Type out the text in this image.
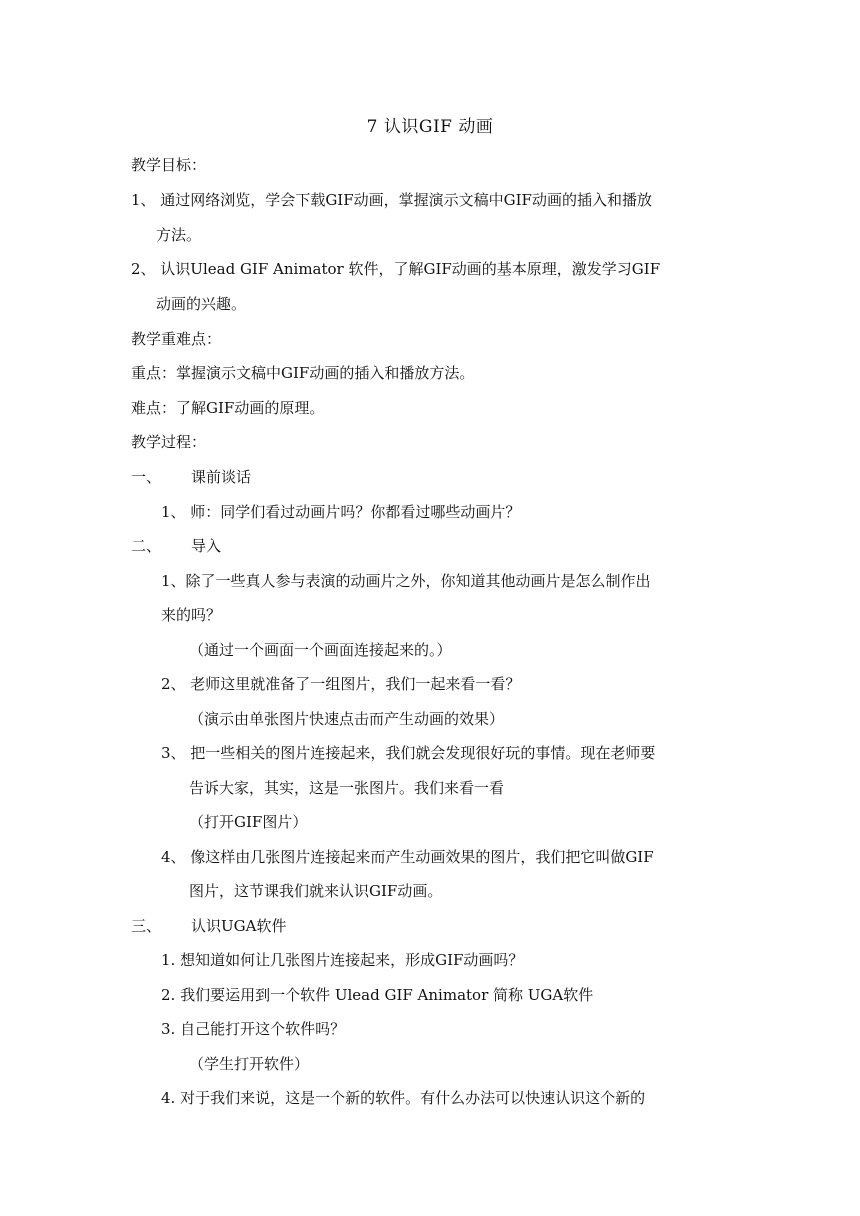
7 认识GIF 动画
教学目标：
1、 通过网络浏览，学会下载GIF动画，掌握演示文稿中GIF动画的插入和播放
方法。
2、 认识Ulead GIF Animator 软件，了解GIF动画的基本原理，激发学习GIF
动画的兴趣。
教学重难点：
重点：掌握演示文稿中GIF动画的插入和播放方法。
难点：了解GIF动画的原理。
教学过程：
一、 课前谈话
1、 师：同学们看过动画片吗？你都看过哪些动画片？
二、 导入
1、除了一些真人参与表演的动画片之外，你知道其他动画片是怎么制作出
来的吗？
（通过一个画面一个画面连接起来的。）
2、 老师这里就准备了一组图片，我们一起来看一看？
（演示由单张图片快速点击而产生动画的效果）
3、 把一些相关的图片连接起来，我们就会发现很好玩的事情。现在老师要
告诉大家，其实，这是一张图片。我们来看一看
（打开GIF图片）
4、 像这样由几张图片连接起来而产生动画效果的图片，我们把它叫做GIF
图片，这节课我们就来认识GIF动画。
三、 认识UGA软件
1. 想知道如何让几张图片连接起来，形成GIF动画吗？
2. 我们要运用到一个软件 Ulead GIF Animator 简称 UGA软件
3. 自己能打开这个软件吗？
（学生打开软件）
4. 对于我们来说，这是一个新的软件。有什么办法可以快速认识这个新的
